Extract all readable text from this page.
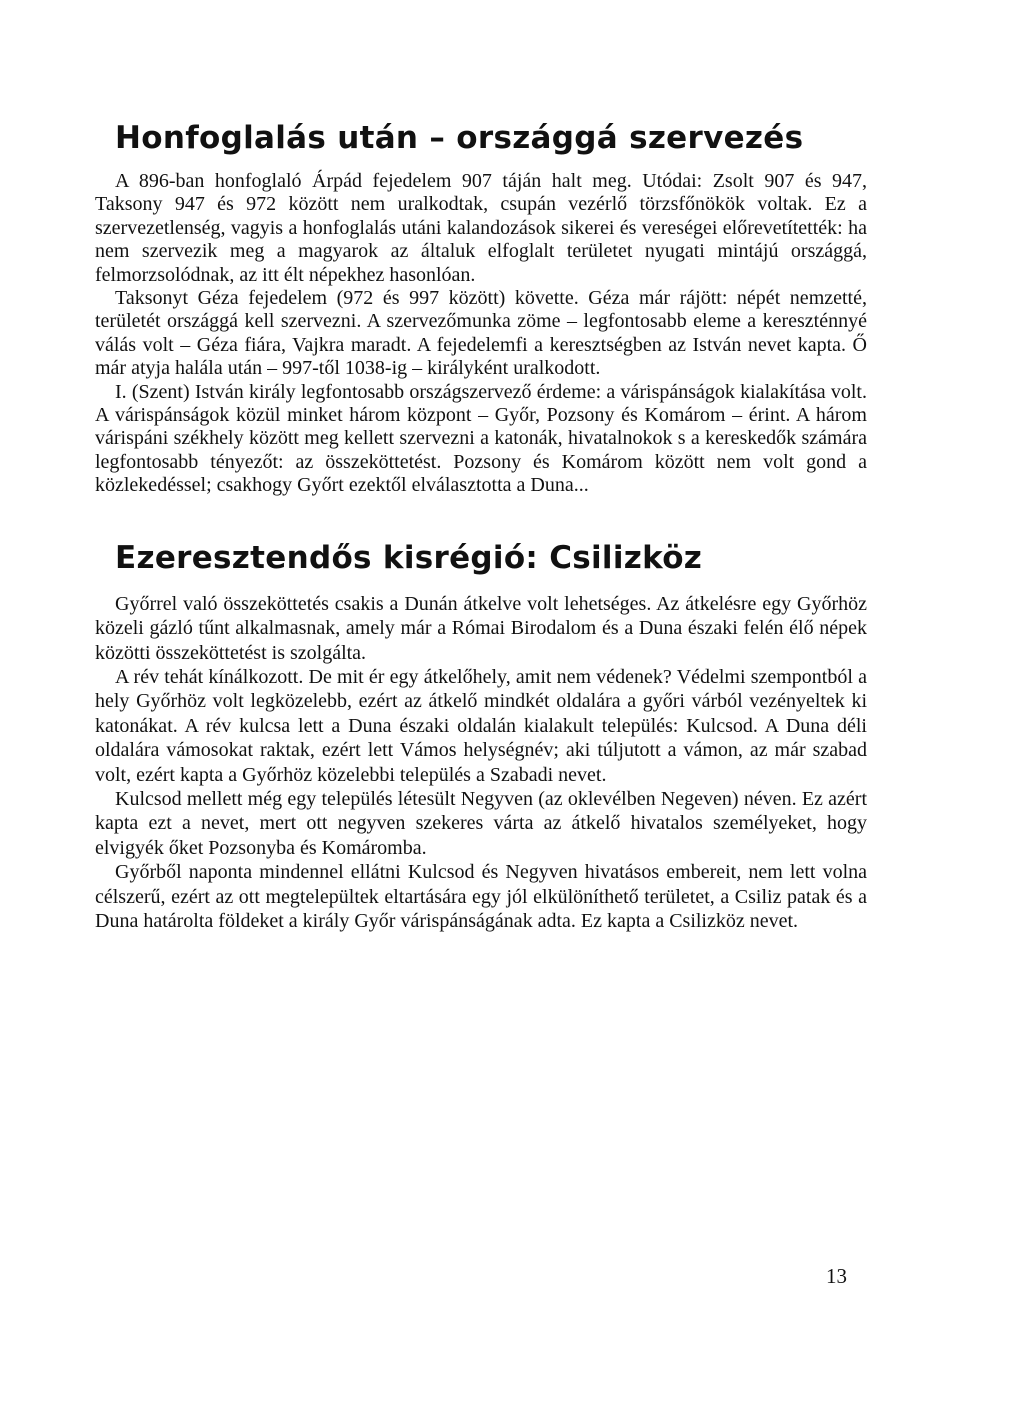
Honfoglalás után – országgá szervezés

A 896-ban honfoglaló Árpád fejedelem 907 táján halt meg. Utódai: Zsolt 907 és 947, Taksony 947 és 972 között nem uralkodtak, csupán vezérlő törzsfőnökök voltak. Ez a szervezetlenség, vagyis a honfoglalás utáni kalandozások sikerei és vereségei előrevetítették: ha nem szervezik meg a magyarok az általuk elfoglalt területet nyugati mintájú országgá, felmorzsolódnak, az itt élt népekhez hasonlóan.

Taksonyt Géza fejedelem (972 és 997 között) követte. Géza már rájött: népét nemzetté, területét országgá kell szervezni. A szervezőmunka zöme – legfontosabb eleme a kereszténnyé válás volt – Géza fiára, Vajkra maradt. A fejedelemfi a keresztségben az István nevet kapta. Ő már atyja halála után – 997-től 1038-ig – királyként uralkodott.

I. (Szent) István király legfontosabb országszervező érdeme: a várispánságok kialakítása volt. A várispánságok közül minket három központ – Győr, Pozsony és Komárom – érint. A három várispáni székhely között meg kellett szervezni a katonák, hivatalnokok s a kereskedők számára legfontosabb tényezőt: az összeköttetést. Pozsony és Komárom között nem volt gond a közlekedéssel; csakhogy Győrt ezektől elválasztotta a Duna...

Ezeresztendős kisrégió: Csilizköz

Győrrel való összeköttetés csakis a Dunán átkelve volt lehetséges. Az átkelésre egy Győrhöz közeli gázló tűnt alkalmasnak, amely már a Római Birodalom és a Duna északi felén élő népek közötti összeköttetést is szolgálta.

A rév tehát kínálkozott. De mit ér egy átkelőhely, amit nem védenek? Védelmi szempontból a hely Győrhöz volt legközelebb, ezért az átkelő mindkét oldalára a győri várból vezényeltek ki katonákat. A rév kulcsa lett a Duna északi oldalán kialakult település: Kulcsod. A Duna déli oldalára vámosokat raktak, ezért lett Vámos helységnév; aki túljutott a vámon, az már szabad volt, ezért kapta a Győrhöz közelebbi település a Szabadi nevet.

Kulcsod mellett még egy település létesült Negyven (az oklevélben Negeven) néven. Ez azért kapta ezt a nevet, mert ott negyven szekeres várta az átkelő hivatalos személyeket, hogy elvigyék őket Pozsonyba és Komáromba.

Győrből naponta mindennel ellátni Kulcsod és Negyven hivatásos embereit, nem lett volna célszerű, ezért az ott megtelepültek eltartására egy jól elkülöníthető területet, a Csiliz patak és a Duna határolta földeket a király Győr várispánságának adta. Ez kapta a Csilizköz nevet.

13
